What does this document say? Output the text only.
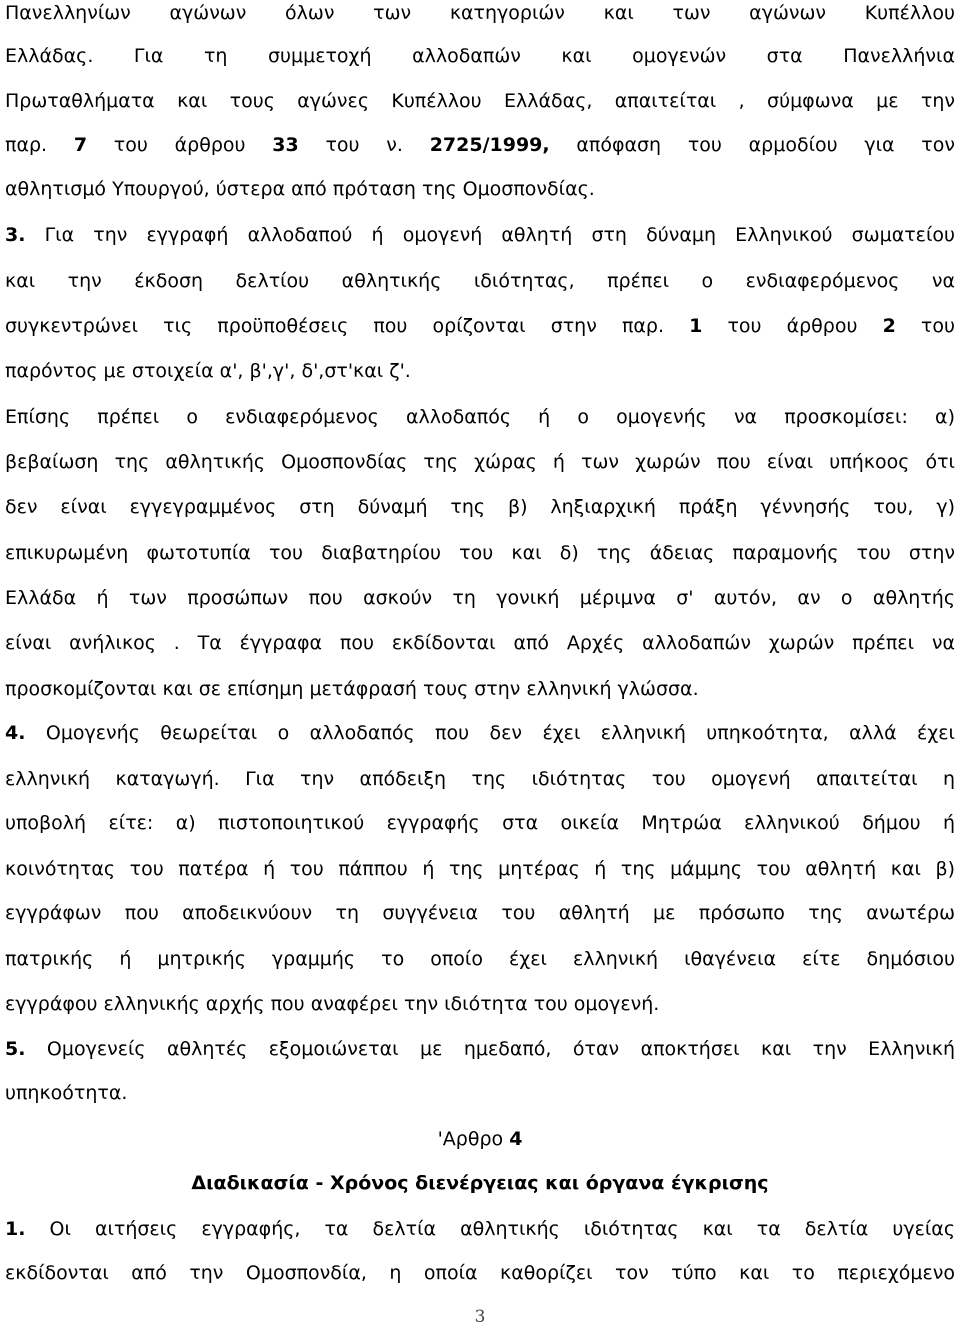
Πανελληνίων αγώνων όλων των κατηγοριών και των αγώνων Κυπέλλου
Ελλάδας. Για τη συμμετοχή αλλοδαπών και ομογενών στα Πανελλήνια
Πρωταθλήματα και τους αγώνες Κυπέλλου Ελλάδας, απαιτείται , σύμφωνα με την
παρ. 7 του άρθρου 33 του ν. 2725/1999, απόφαση του αρμοδίου για τον
αθλητισμό Υπουργού, ύστερα από πρόταση της Ομοσπονδίας.
3. Για την εγγραφή αλλοδαπού ή ομογενή αθλητή στη δύναμη Ελληνικού σωματείου
και την έκδοση δελτίου αθλητικής ιδιότητας, πρέπει ο ενδιαφερόμενος να
συγκεντρώνει τις προϋποθέσεις που ορίζονται στην παρ. 1 του άρθρου 2 του
παρόντος με στοιχεία α', β',γ', δ',στ'και ζ'.
Επίσης πρέπει ο ενδιαφερόμενος αλλοδαπός ή ο ομογενής να προσκομίσει: α)
βεβαίωση της αθλητικής Ομοσπονδίας της χώρας ή των χωρών που είναι υπήκοος ότι
δεν είναι εγγεγραμμένος στη δύναμή της β) ληξιαρχική πράξη γέννησής του, γ)
επικυρωμένη φωτοτυπία του διαβατηρίου του και δ) της άδειας παραμονής του στην
Ελλάδα ή των προσώπων που ασκούν τη γονική μέριμνα σ' αυτόν, αν ο αθλητής
είναι ανήλικος . Τα έγγραφα που εκδίδονται από Αρχές αλλοδαπών χωρών πρέπει να
προσκομίζονται και σε επίσημη μετάφρασή τους στην ελληνική γλώσσα.
4. Ομογενής θεωρείται ο αλλοδαπός που δεν έχει ελληνική υπηκοότητα, αλλά έχει
ελληνική καταγωγή. Για την απόδειξη της ιδιότητας του ομογενή απαιτείται η
υποβολή είτε: α) πιστοποιητικού εγγραφής στα οικεία Μητρώα ελληνικού δήμου ή
κοινότητας του πατέρα ή του πάππου ή της μητέρας ή της μάμμης του αθλητή και β)
εγγράφων που αποδεικνύουν τη συγγένεια του αθλητή με πρόσωπο της ανωτέρω
πατρικής ή μητρικής γραμμής το οποίο έχει ελληνική ιθαγένεια είτε δημόσιου
εγγράφου ελληνικής αρχής που αναφέρει την ιδιότητα του ομογενή.
5. Ομογενείς αθλητές εξομοιώνεται με ημεδαπό, όταν αποκτήσει και την Ελληνική
υπηκοότητα.
'Αρθρο 4
Διαδικασία - Χρόνος διενέργειας και όργανα έγκρισης
1. Οι αιτήσεις εγγραφής, τα δελτία αθλητικής ιδιότητας και τα δελτία υγείας
εκδίδονται από την Ομοσπονδία, η οποία καθορίζει τον τύπο και το περιεχόμενο
3
